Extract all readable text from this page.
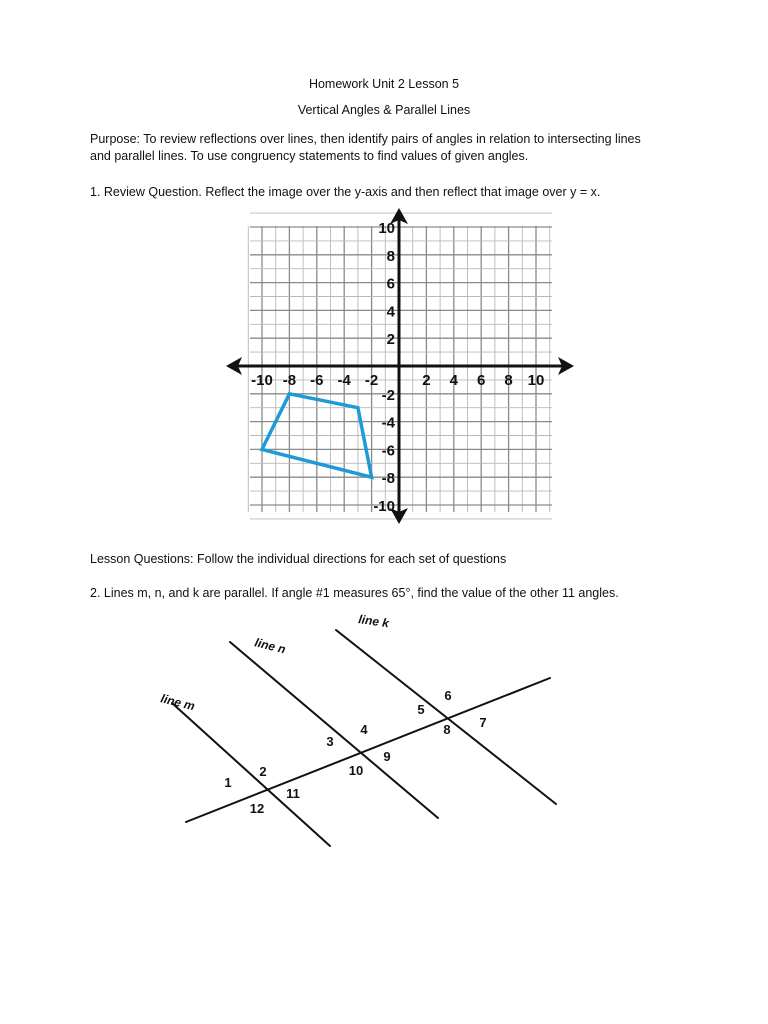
Homework Unit 2 Lesson 5
Vertical Angles & Parallel Lines
Purpose: To review reflections over lines, then identify pairs of angles in relation to intersecting lines
and parallel lines. To use congruency statements to find values of given angles.
1. Review Question. Reflect the image over the y-axis and then reflect that image over y = x.
Lesson Questions: Follow the individual directions for each set of questions
2. Lines m, n, and k are parallel. If angle #1 measures 65°, find the value of the other 11 angles.
-10 -8 -6 -4 -2	2 4 6 8 10
10
8
6
4
2
-2
-4
-6
-8
-10
line m
line n
line k
1
2
3
4
5
6
7
8
9
10
11
12
